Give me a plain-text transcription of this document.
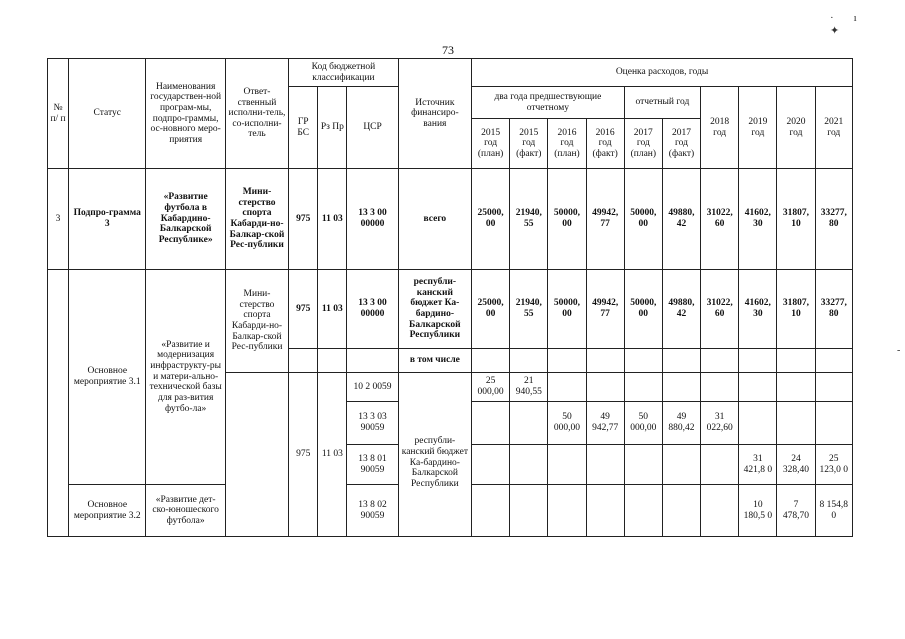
73
·ı ✦
-
№ п/ п	Статус	Наименования государствен-ной програм-мы, подпро-граммы, ос-новного меро-приятия	Ответ-ственный исполни-тель, со-исполни-тель	Код бюджетной классификации			Источник финансиро-вания	Оценка расходов, годы									
				ГР БС	Рз Пр	ЦСР		два года предшествующие отчетному				отчетный год		2018 год	2019 год	2020 год	2021 год
								2015 год (план)	2015 год (факт)	2016 год (план)	2016 год (факт)	2017 год (план)	2017 год (факт)				
3	Подпро-грамма 3	«Развитие футбола в Кабардино-Балкарской Республике»	Мини-стерство спорта Кабарди-но-Балкар-ской Рес-публики	975	11 03	13 3 00 00000	всего	25000, 00	21940, 55	50000, 00	49942, 77	50000, 00	49880, 42	31022, 60	41602, 30	31807, 10	33277, 80
	Основное мероприятие 3.1	«Развитие и модернизация инфраструкту-ры и матери-ально-технической базы для раз-вития футбо-ла»	Мини-стерство спорта Кабарди-но-Балкар-ской Рес-публики	975	11 03	13 3 00 00000	республи-канский бюджет Ка-бардино-Балкарской Республики	25000, 00	21940, 55	50000, 00	49942, 77	50000, 00	49880, 42	31022, 60	41602, 30	31807, 10	33277, 80
							в том числе										
				975	11 03	10 2 0059	республи-канский бюджет Ка-бардино-Балкарской Республики	25 000,00	21 940,55								
						13 3 03 90059				50 000,00	49 942,77	50 000,00	49 880,42	31 022,60			
						13 8 01 90059									31 421,8 0	24 328,40	25 123,0 0
	Основное мероприятие 3.2	«Развитие дет-ско-юношеского футбола»				13 8 02 90059									10 180,5 0	7 478,70	8 154,8 0
